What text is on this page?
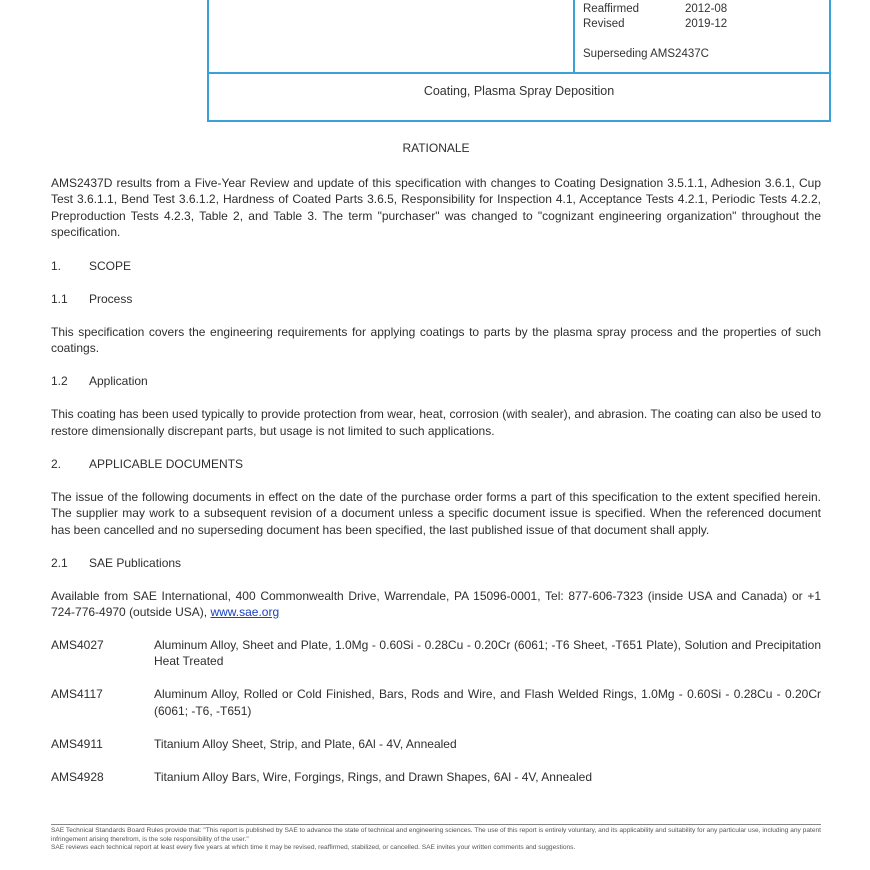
Reaffirmed	2012-08
Revised	2019-12
Superseding AMS2437C
Coating, Plasma Spray Deposition
RATIONALE
AMS2437D results from a Five-Year Review and update of this specification with changes to Coating Designation 3.5.1.1, Adhesion 3.6.1, Cup Test 3.6.1.1, Bend Test 3.6.1.2, Hardness of Coated Parts 3.6.5, Responsibility for Inspection 4.1, Acceptance Tests 4.2.1, Periodic Tests 4.2.2, Preproduction Tests 4.2.3, Table 2, and Table 3. The term "purchaser" was changed to "cognizant engineering organization" throughout the specification.
1.	SCOPE
1.1	Process
This specification covers the engineering requirements for applying coatings to parts by the plasma spray process and the properties of such coatings.
1.2	Application
This coating has been used typically to provide protection from wear, heat, corrosion (with sealer), and abrasion. The coating can also be used to restore dimensionally discrepant parts, but usage is not limited to such applications.
2.	APPLICABLE DOCUMENTS
The issue of the following documents in effect on the date of the purchase order forms a part of this specification to the extent specified herein. The supplier may work to a subsequent revision of a document unless a specific document issue is specified. When the referenced document has been cancelled and no superseding document has been specified, the last published issue of that document shall apply.
2.1	SAE Publications
Available from SAE International, 400 Commonwealth Drive, Warrendale, PA 15096-0001, Tel: 877-606-7323 (inside USA and Canada) or +1 724-776-4970 (outside USA), www.sae.org
AMS4027	Aluminum Alloy, Sheet and Plate, 1.0Mg - 0.60Si - 0.28Cu - 0.20Cr (6061; -T6 Sheet, -T651 Plate), Solution and Precipitation Heat Treated
AMS4117	Aluminum Alloy, Rolled or Cold Finished, Bars, Rods and Wire, and Flash Welded Rings, 1.0Mg - 0.60Si - 0.28Cu - 0.20Cr (6061; -T6, -T651)
AMS4911	Titanium Alloy Sheet, Strip, and Plate, 6Al - 4V, Annealed
AMS4928	Titanium Alloy Bars, Wire, Forgings, Rings, and Drawn Shapes, 6Al - 4V, Annealed
SAE Technical Standards Board Rules provide that: "This report is published by SAE to advance the state of technical and engineering sciences. The use of this report is entirely voluntary, and its applicability and suitability for any particular use, including any patent infringement arising therefrom, is the sole responsibility of the user."
SAE reviews each technical report at least every five years at which time it may be revised, reaffirmed, stabilized, or cancelled. SAE invites your written comments and suggestions.
